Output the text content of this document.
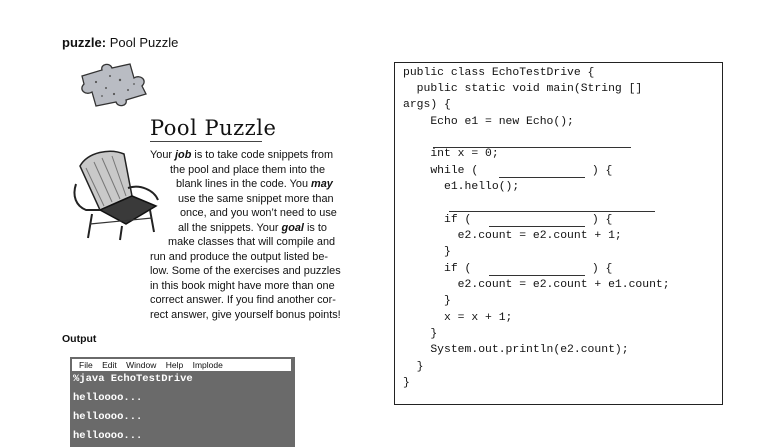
puzzle: Pool Puzzle
Pool Puzzle
Your job is to take code snippets from
the pool and place them into the
blank lines in the code. You may
use the same snippet more than
once, and you won’t need to use
all the snippets. Your goal is to
make classes that will compile and
run and produce the output listed be-
low. Some of the exercises and puzzles
in this book might have more than one
correct answer. If you find another cor-
rect answer, give yourself bonus points!
Output
File Edit Window Help Implode
%java EchoTestDrive
helloooo...
helloooo...
helloooo...
public class EchoTestDrive {
public static void main(String []
args) {
Echo e1 = new Echo();
int x = 0;
while (	) {
e1.hello();
if (	) {
e2.count = e2.count + 1;
}
if (	) {
e2.count = e2.count + e1.count;
}
x = x + 1;
}
System.out.println(e2.count);
}
}
